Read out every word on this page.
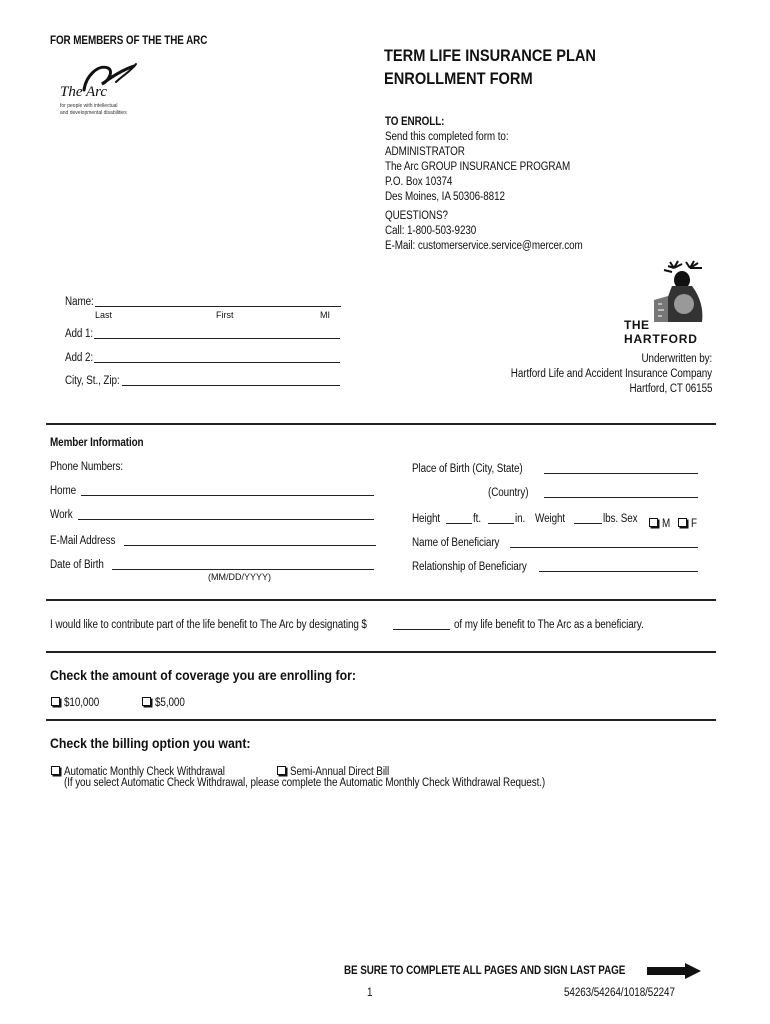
FOR MEMBERS OF THE THE ARC
The Arc
for people with intellectual
and developmental disabilities
TERM LIFE INSURANCE PLAN
ENROLLMENT FORM
TO ENROLL:
Send this completed form to:
ADMINISTRATOR
The Arc GROUP INSURANCE PROGRAM
P.O. Box 10374
Des Moines, IA 50306-8812
QUESTIONS?
Call: 1-800-503-9230
E-Mail: customerservice.service@mercer.com
THE
HARTFORD
Underwritten by:
Hartford Life and Accident Insurance Company
Hartford, CT 06155
Name:
Last	First	MI
Add 1:
Add 2:
City, St., Zip:
Member Information
Phone Numbers:
Home
Work
E-Mail Address
Date of Birth
(MM/DD/YYYY)
Place of Birth (City, State)
(Country)
Height	ft.	in. Weight	lbs. Sex	M	F
Name of Beneficiary
Relationship of Beneficiary
I would like to contribute part of the life benefit to The Arc by designating $	of my life benefit to The Arc as a beneficiary.
Check the amount of coverage you are enrolling for:
$10,000	$5,000
Check the billing option you want:
Automatic Monthly Check Withdrawal	Semi-Annual Direct Bill
(If you select Automatic Check Withdrawal, please complete the Automatic Monthly Check Withdrawal Request.)
BE SURE TO COMPLETE ALL PAGES AND SIGN LAST PAGE
1	54263/54264/1018/52247
